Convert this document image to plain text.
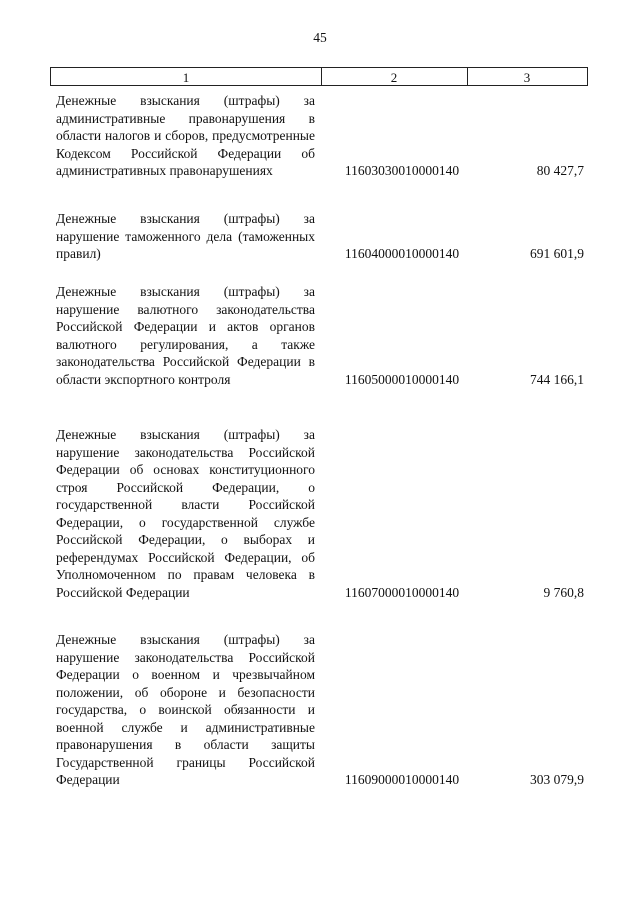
45
1	2	3
Денежные взыскания (штрафы) за административные правонарушения в области налогов и сборов, предусмотренные Кодексом Российской Федерации об административных правонарушениях	11603030010000140	80 427,7
Денежные взыскания (штрафы) за нарушение таможенного дела (таможенных правил)	11604000010000140	691 601,9
Денежные взыскания (штрафы) за нарушение валютного законодательства Российской Федерации и актов органов валютного регулирования, а также законодательства Российской Федерации в области экспортного контроля	11605000010000140	744 166,1
Денежные взыскания (штрафы) за нарушение законодательства Российской Федерации об основах конституционного строя Российской Федерации, о государственной власти Российской Федерации, о государственной службе Российской Федерации, о выборах и референдумах Российской Федерации, об Уполномоченном по правам человека в Российской Федерации	11607000010000140	9 760,8
Денежные взыскания (штрафы) за нарушение законодательства Российской Федерации о военном и чрезвычайном положении, об обороне и безопасности государства, о воинской обязанности и военной службе и административные правонарушения в области защиты Государственной границы Российской Федерации	11609000010000140	303 079,9
